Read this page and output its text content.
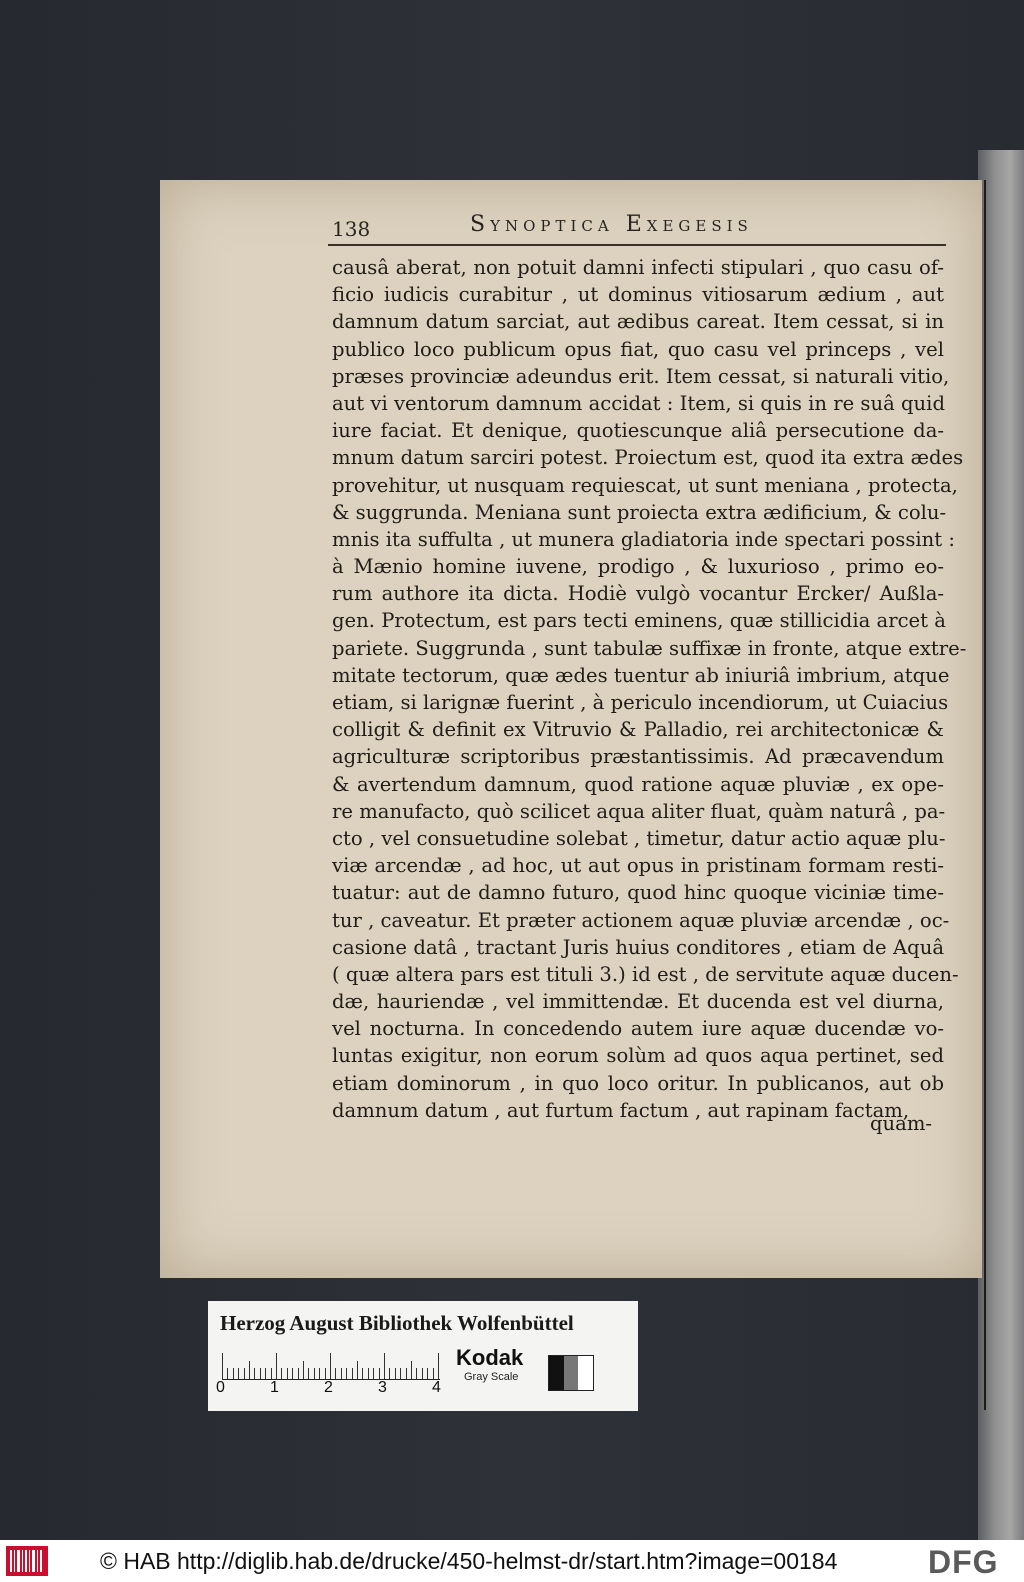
138	Synoptica Exegesis
causâ aberat, non potuit damni infecti stipulari , quo casu of-
ficio iudicis curabitur , ut dominus vitiosarum ædium , aut
damnum datum sarciat, aut ædibus careat. Item cessat, si in
publico loco publicum opus fiat, quo casu vel princeps , vel
præses provinciæ adeundus erit. Item cessat, si naturali vitio,
aut vi ventorum damnum accidat : Item, si quis in re suâ quid
iure faciat. Et denique, quotiescunque aliâ persecutione da-
mnum datum sarciri potest. Proiectum est, quod ita extra ædes
provehitur, ut nusquam requiescat, ut sunt meniana , protecta,
& suggrunda. Meniana sunt proiecta extra ædificium, & colu-
mnis ita suffulta , ut munera gladiatoria inde spectari possint :
à Mænio homine iuvene, prodigo , & luxurioso , primo eo-
rum authore ita dicta. Hodiè vulgò vocantur Ercker/ Außla-
gen. Protectum, est pars tecti eminens, quæ stillicidia arcet à
pariete. Suggrunda , sunt tabulæ suffixæ in fronte, atque extre-
mitate tectorum, quæ ædes tuentur ab iniuriâ imbrium, atque
etiam, si larignæ fuerint , à periculo incendiorum, ut Cuiacius
colligit & definit ex Vitruvio & Palladio, rei architectonicæ &
agriculturæ scriptoribus præstantissimis. Ad præcavendum
& avertendum damnum, quod ratione aquæ pluviæ , ex ope-
re manufacto, quò scilicet aqua aliter fluat, quàm naturâ , pa-
cto , vel consuetudine solebat , timetur, datur actio aquæ plu-
viæ arcendæ , ad hoc, ut aut opus in pristinam formam resti-
tuatur: aut de damno futuro, quod hinc quoque viciniæ time-
tur , caveatur. Et præter actionem aquæ pluviæ arcendæ , oc-
casione datâ , tractant Juris huius conditores , etiam de Aquâ
( quæ altera pars est tituli 3.) id est , de servitute aquæ ducen-
dæ, hauriendæ , vel immittendæ. Et ducenda est vel diurna,
vel nocturna. In concedendo autem iure aquæ ducendæ vo-
luntas exigitur, non eorum solùm ad quos aqua pertinet, sed
etiam dominorum , in quo loco oritur. In publicanos, aut ob
damnum datum , aut furtum factum , aut rapinam factam,
quam-
Herzog August Bibliothek Wolfenbüttel
0	1	2	3	4
Kodak
Gray Scale
© HAB http://diglib.hab.de/drucke/450-helmst-dr/start.htm?image=00184	DFG
